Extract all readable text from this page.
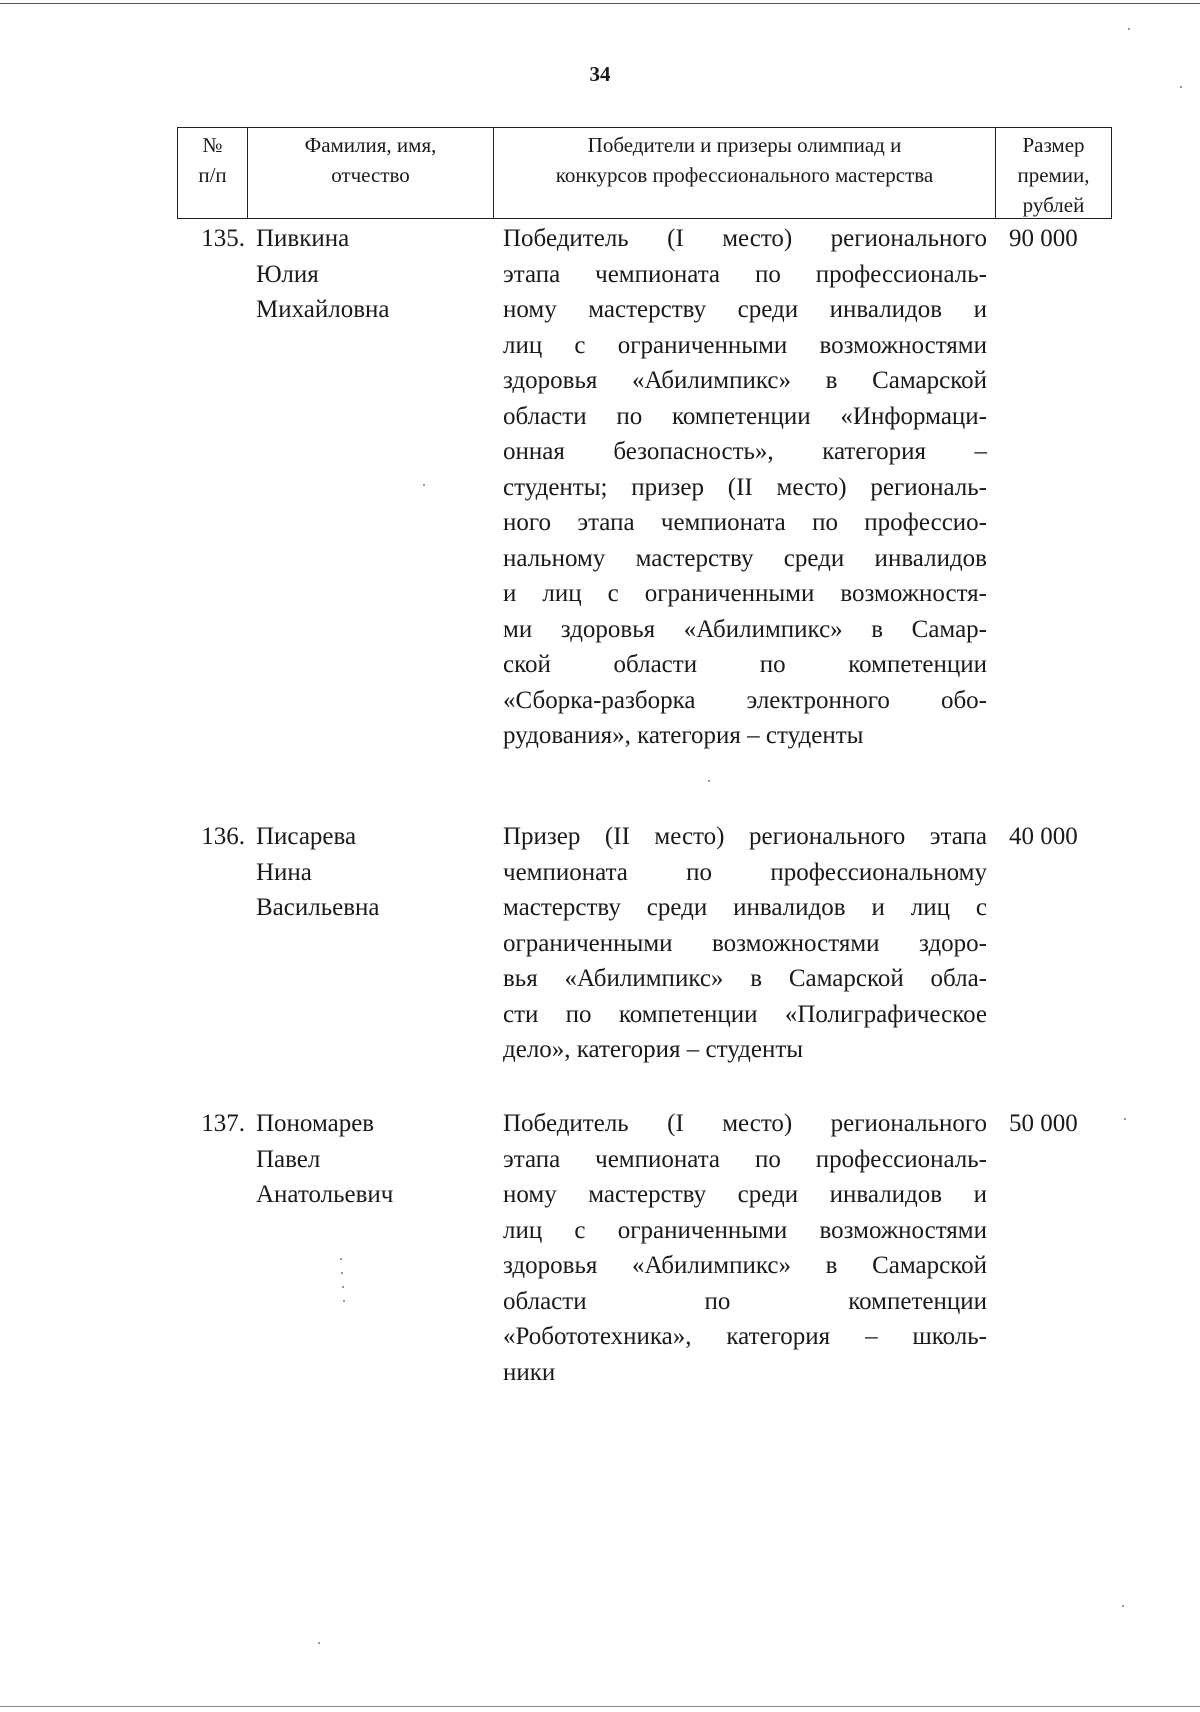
34
№
п/п
Фамилия, имя,
отчество
Победители и призеры олимпиад и
конкурсов профессионального мастерства
Размер
премии,
рублей
135. Пивкина
Юлия
Михайловна
Победитель (I место) регионального
этапа чемпионата по профессиональ-
ному мастерству среди инвалидов и
лиц с ограниченными возможностями
здоровья «Абилимпикс» в Самарской
области по компетенции «Информаци-
онная безопасность», категория –
студенты; призер (II место) региональ-
ного этапа чемпионата по профессио-
нальному мастерству среди инвалидов
и лиц с ограниченными возможностя-
ми здоровья «Абилимпикс» в Самар-
ской области по компетенции
«Сборка-разборка электронного обо-
рудования», категория – студенты
90 000
136. Писарева
Нина
Васильевна
Призер (II место) регионального этапа
чемпионата по профессиональному
мастерству среди инвалидов и лиц с
ограниченными возможностями здоро-
вья «Абилимпикс» в Самарской обла-
сти по компетенции «Полиграфическое
дело», категория – студенты
40 000
137. Пономарев
Павел
Анатольевич
Победитель (I место) регионального
этапа чемпионата по профессиональ-
ному мастерству среди инвалидов и
лиц с ограниченными возможностями
здоровья «Абилимпикс» в Самарской
области по компетенции
«Робототехника», категория – школь-
ники
50 000
